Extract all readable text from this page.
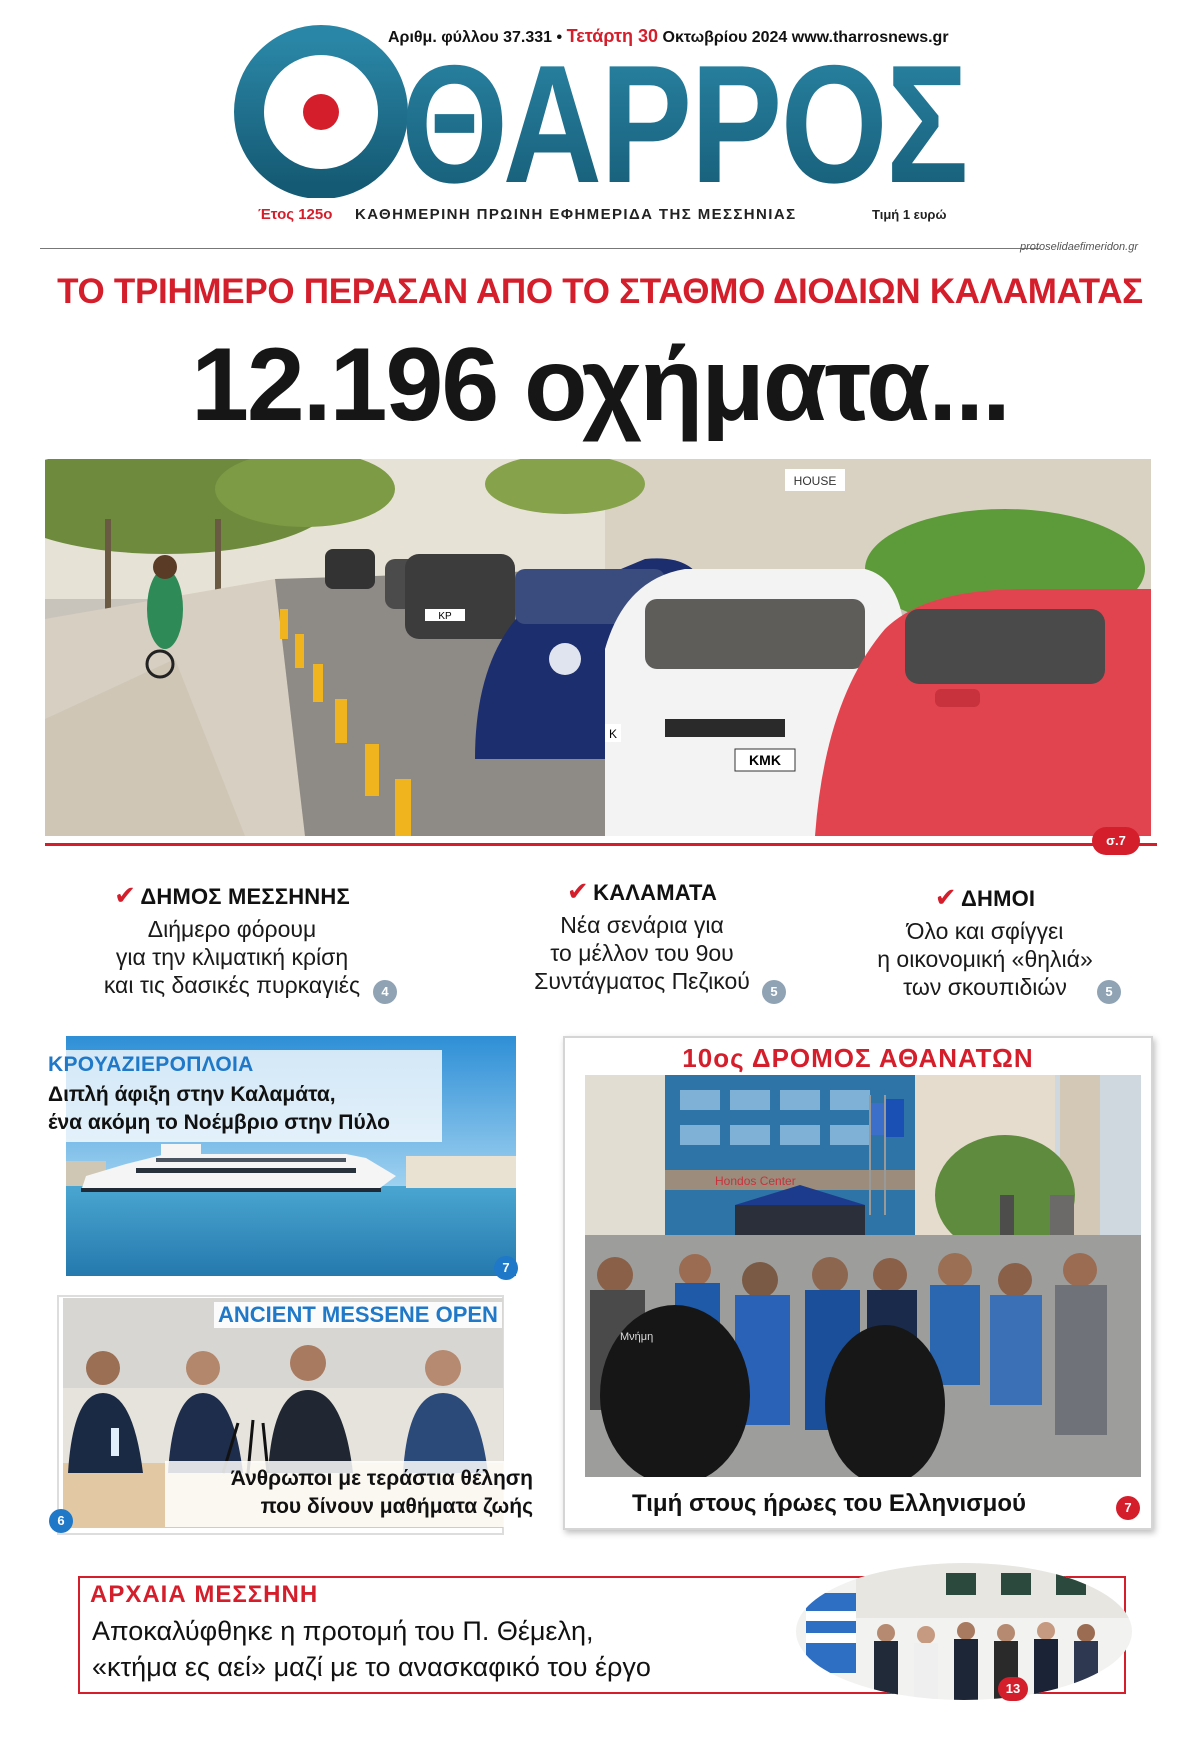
Αριθμ. φύλλου 37.331 • Τετάρτη 30 Οκτωβρίου 2024 www.tharrosnews.gr
ΘΑΡΡΟΣ
Έτος 125ο ΚΑΘΗΜΕΡΙΝΗ ΠΡΩΙΝΗ ΕΦΗΜΕΡΙΔΑ ΤΗΣ ΜΕΣΣΗΝΙΑΣ	Τιμή 1 ευρώ
protoselidaefimeridon.gr
ΤΟ ΤΡΙΗΜΕΡΟ ΠΕΡΑΣΑΝ ΑΠΟ ΤΟ ΣΤΑΘΜΟ ΔΙΟΔΙΩΝ ΚΑΛΑΜΑΤΑΣ
12.196 οχήματα...
HOUSE
ΚΡ
KMK
K
σ.7
✔ ΔΗΜΟΣ ΜΕΣΣΗΝΗΣ
Διήμερο φόρουμ
για την κλιματική κρίση
και τις δασικές πυρκαγιές	4
✔ ΚΑΛΑΜΑΤΑ
Νέα σενάρια για
το μέλλον του 9ου
Συντάγματος Πεζικού	5
✔ ΔΗΜΟΙ
Όλο και σφίγγει
η οικονομική «θηλιά»
των σκουπιδιών	5
ΚΡΟΥΑΖΙΕΡΟΠΛΟΙΑ
Διπλή άφιξη στην Καλαμάτα,
ένα ακόμη το Νοέμβριο στην Πύλο
7
ANCIENT MESSENE OPEN
Άνθρωποι με τεράστια θέληση
που δίνουν μαθήματα ζωής
6
10ος ΔΡΟΜΟΣ ΑΘΑΝΑΤΩΝ
Hondos Center
Μνήμη
Τιμή στους ήρωες του Ελληνισμού	7
ΑΡΧΑΙΑ ΜΕΣΣΗΝΗ
Αποκαλύφθηκε η προτομή του Π. Θέμελη,
«κτήμα ες αεί» μαζί με το ανασκαφικό του έργο
13
